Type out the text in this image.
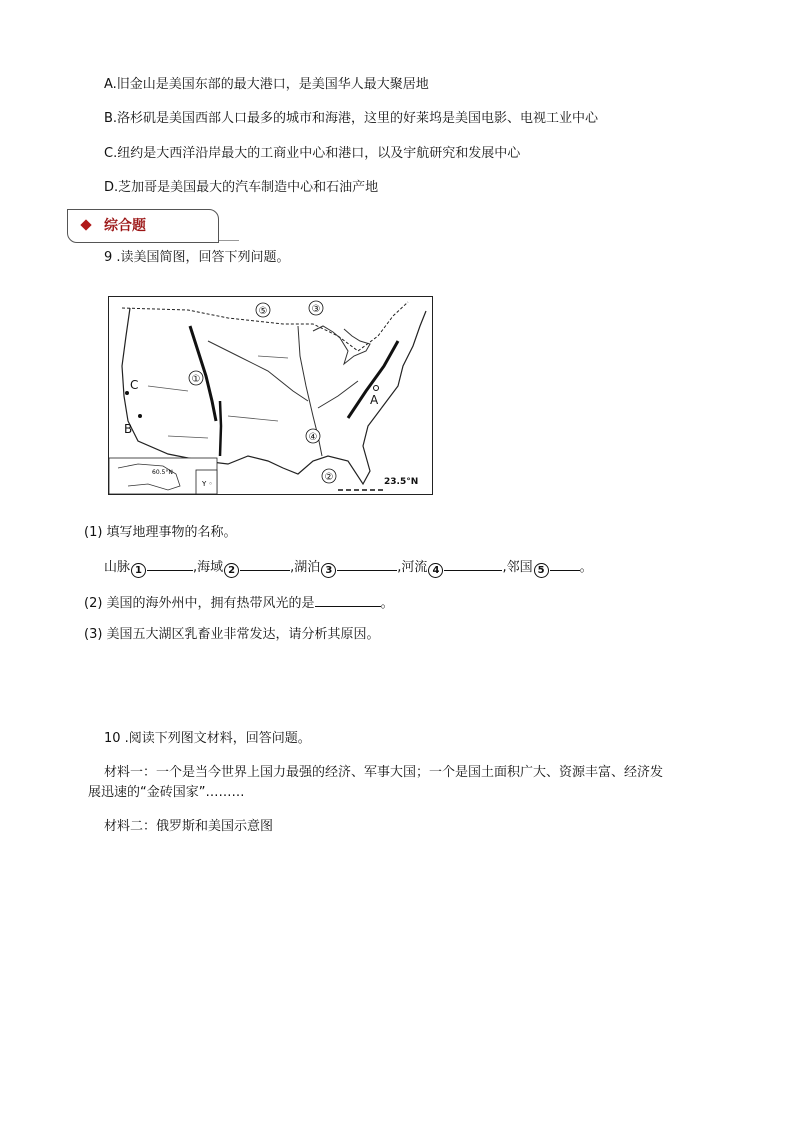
A.旧金山是美国东部的最大港口，是美国华人最大聚居地
B.洛杉矶是美国西部人口最多的城市和海港，这里的好莱坞是美国电影、电视工业中心
C.纽约是大西洋沿岸最大的工商业中心和港口，以及宇航研究和发展中心
D.芝加哥是美国最大的汽车制造中心和石油产地
综合题
9 .读美国简图，回答下列问题。
60.5°N
Y ◦
⑤	③
①
④
②
A
C
B
23.5°N
(1) 填写地理事物的名称。
山脉 1	,海域 2	,湖泊 3	,河流 4	,邻国 5	。
(2) 美国的海外州中，拥有热带风光的是	。
(3) 美国五大湖区乳畜业非常发达，请分析其原因。
10 .阅读下列图文材料，回答问题。
材料一：一个是当今世界上国力最强的经济、军事大国；一个是国土面积广大、资源丰富、经济发
展迅速的“金砖国家”………
材料二：俄罗斯和美国示意图
